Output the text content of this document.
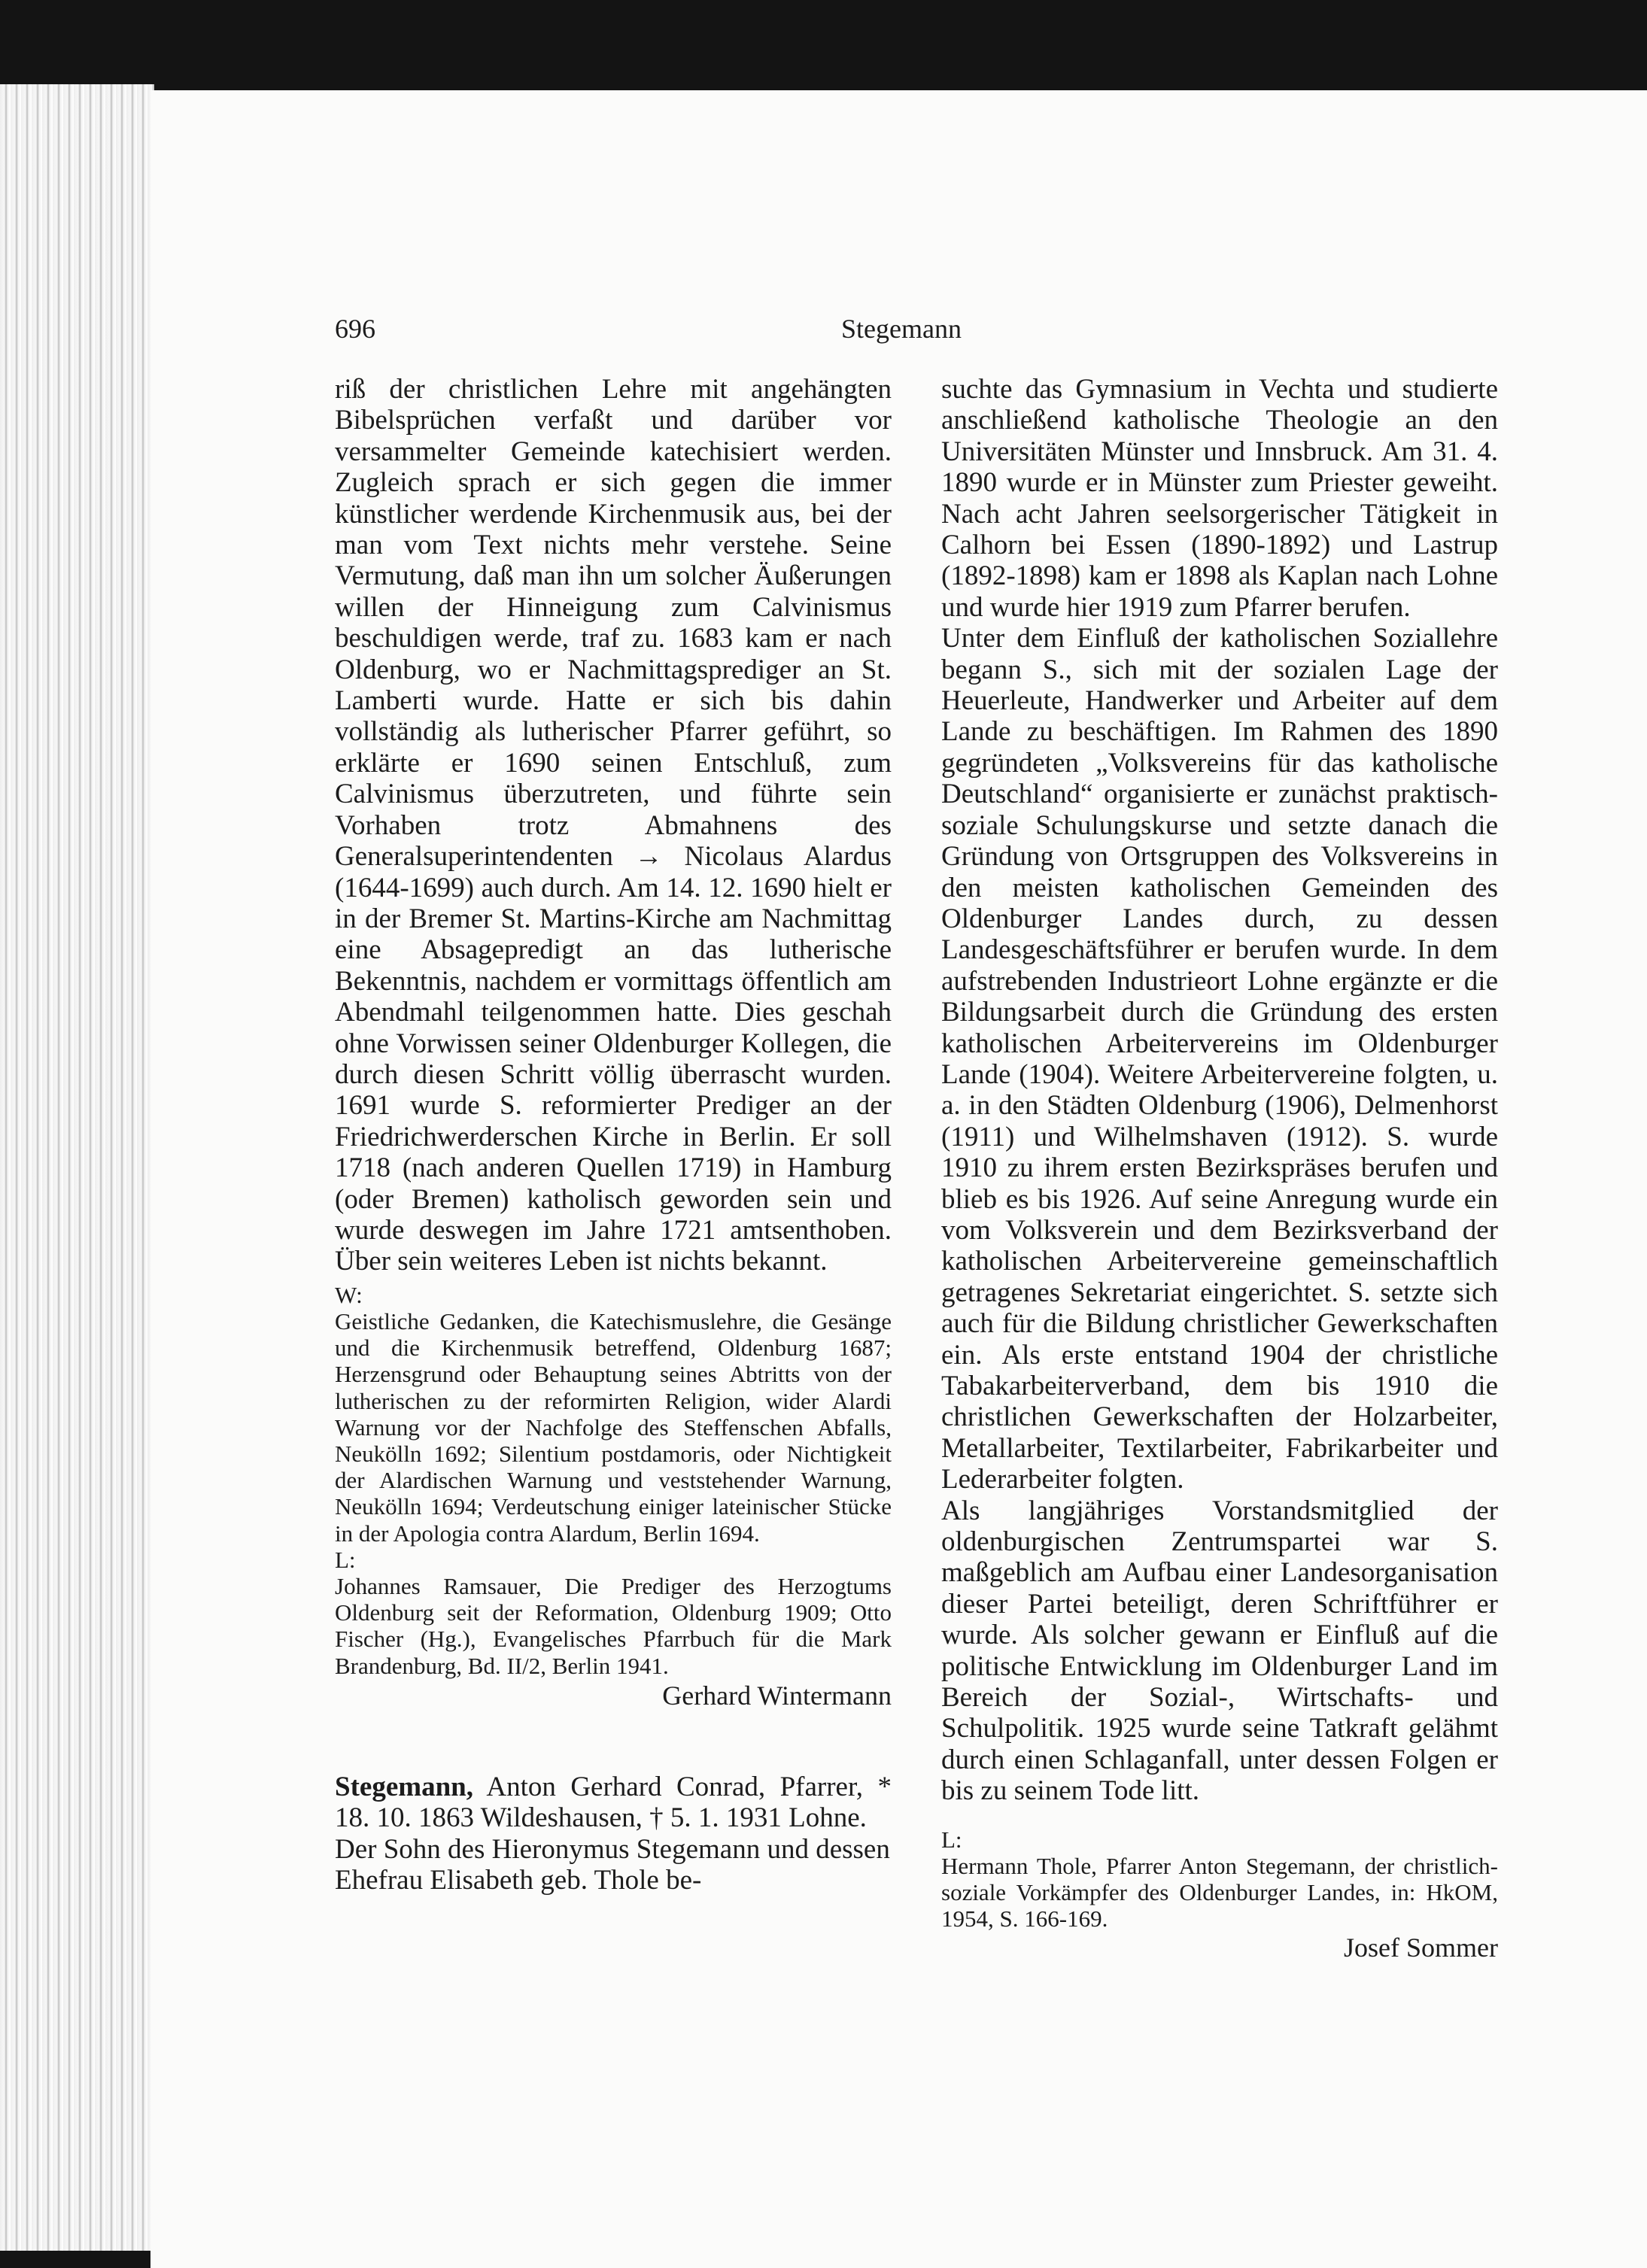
696	Stegemann

riß der christlichen Lehre mit angehängten Bibelsprüchen verfaßt und darüber vor versammelter Gemeinde katechisiert werden. Zugleich sprach er sich gegen die immer künstlicher werdende Kirchenmusik aus, bei der man vom Text nichts mehr verstehe. Seine Vermutung, daß man ihn um solcher Äußerungen willen der Hinneigung zum Calvinismus beschuldigen werde, traf zu. 1683 kam er nach Oldenburg, wo er Nachmittagsprediger an St. Lamberti wurde. Hatte er sich bis dahin vollständig als lutherischer Pfarrer geführt, so erklärte er 1690 seinen Entschluß, zum Calvinismus überzutreten, und führte sein Vorhaben trotz Abmahnens des Generalsuperintendenten → Nicolaus Alardus (1644-1699) auch durch. Am 14. 12. 1690 hielt er in der Bremer St. Martins-Kirche am Nachmittag eine Absagepredigt an das lutherische Bekenntnis, nachdem er vormittags öffentlich am Abendmahl teilgenommen hatte. Dies geschah ohne Vorwissen seiner Oldenburger Kollegen, die durch diesen Schritt völlig überrascht wurden. 1691 wurde S. reformierter Prediger an der Friedrichwerderschen Kirche in Berlin. Er soll 1718 (nach anderen Quellen 1719) in Hamburg (oder Bremen) katholisch geworden sein und wurde deswegen im Jahre 1721 amtsenthoben. Über sein weiteres Leben ist nichts bekannt.

W:

Geistliche Gedanken, die Katechismuslehre, die Gesänge und die Kirchenmusik betreffend, Oldenburg 1687; Herzensgrund oder Behauptung seines Abtritts von der lutherischen zu der reformirten Religion, wider Alardi Warnung vor der Nachfolge des Steffenschen Abfalls, Neukölln 1692; Silentium postdamoris, oder Nichtigkeit der Alardischen Warnung und veststehender Warnung, Neukölln 1694; Verdeutschung einiger lateinischer Stücke in der Apologia contra Alardum, Berlin 1694.

L:

Johannes Ramsauer, Die Prediger des Herzogtums Oldenburg seit der Reformation, Oldenburg 1909; Otto Fischer (Hg.), Evangelisches Pfarrbuch für die Mark Brandenburg, Bd. II/2, Berlin 1941.

Gerhard Wintermann

Stegemann, Anton Gerhard Conrad, Pfarrer, * 18. 10. 1863 Wildeshausen, † 5. 1. 1931 Lohne.

Der Sohn des Hieronymus Stegemann und dessen Ehefrau Elisabeth geb. Thole be-

suchte das Gymnasium in Vechta und studierte anschließend katholische Theologie an den Universitäten Münster und Innsbruck. Am 31. 4. 1890 wurde er in Münster zum Priester geweiht. Nach acht Jahren seelsorgerischer Tätigkeit in Calhorn bei Essen (1890-1892) und Lastrup (1892-1898) kam er 1898 als Kaplan nach Lohne und wurde hier 1919 zum Pfarrer berufen.

Unter dem Einfluß der katholischen Soziallehre begann S., sich mit der sozialen Lage der Heuerleute, Handwerker und Arbeiter auf dem Lande zu beschäftigen. Im Rahmen des 1890 gegründeten „Volksvereins für das katholische Deutschland“ organisierte er zunächst praktisch-soziale Schulungskurse und setzte danach die Gründung von Ortsgruppen des Volksvereins in den meisten katholischen Gemeinden des Oldenburger Landes durch, zu dessen Landesgeschäftsführer er berufen wurde. In dem aufstrebenden Industrieort Lohne ergänzte er die Bildungsarbeit durch die Gründung des ersten katholischen Arbeitervereins im Oldenburger Lande (1904). Weitere Arbeitervereine folgten, u. a. in den Städten Oldenburg (1906), Delmenhorst (1911) und Wilhelmshaven (1912). S. wurde 1910 zu ihrem ersten Bezirkspräses berufen und blieb es bis 1926. Auf seine Anregung wurde ein vom Volksverein und dem Bezirksverband der katholischen Arbeitervereine gemeinschaftlich getragenes Sekretariat eingerichtet. S. setzte sich auch für die Bildung christlicher Gewerkschaften ein. Als erste entstand 1904 der christliche Tabakarbeiterverband, dem bis 1910 die christlichen Gewerkschaften der Holzarbeiter, Metallarbeiter, Textilarbeiter, Fabrikarbeiter und Lederarbeiter folgten.

Als langjähriges Vorstandsmitglied der oldenburgischen Zentrumspartei war S. maßgeblich am Aufbau einer Landesorganisation dieser Partei beteiligt, deren Schriftführer er wurde. Als solcher gewann er Einfluß auf die politische Entwicklung im Oldenburger Land im Bereich der Sozial-, Wirtschafts- und Schulpolitik. 1925 wurde seine Tatkraft gelähmt durch einen Schlaganfall, unter dessen Folgen er bis zu seinem Tode litt.

L:

Hermann Thole, Pfarrer Anton Stegemann, der christlich-soziale Vorkämpfer des Oldenburger Landes, in: HkOM, 1954, S. 166-169.

Josef Sommer
